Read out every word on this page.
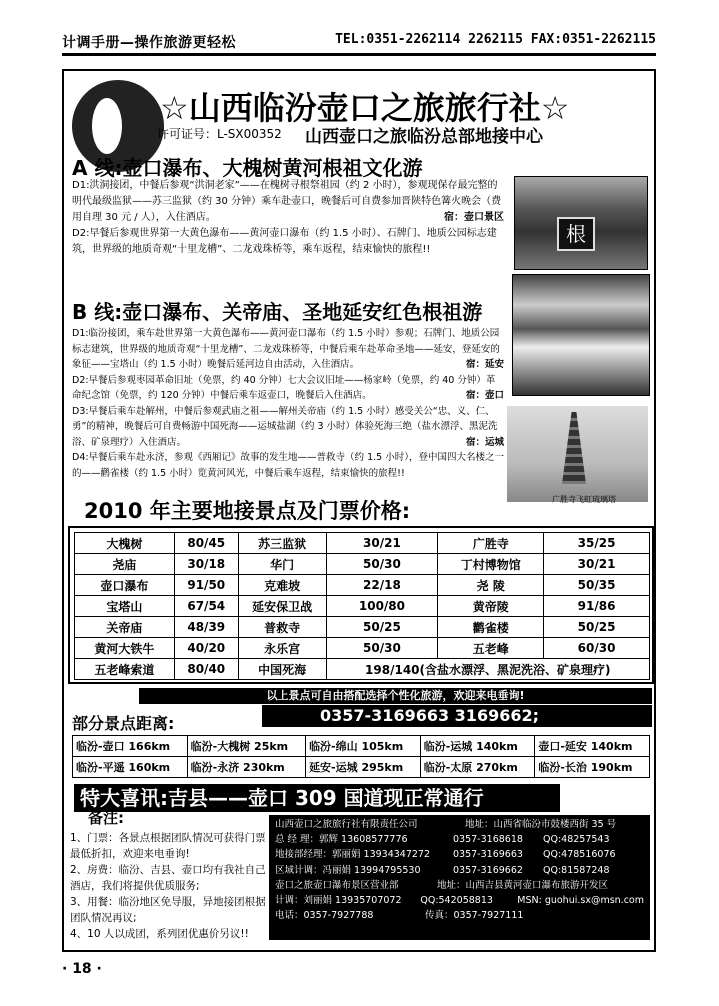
计调手册—操作旅游更轻松	TEL:0351-2262114 2262115 FAX:0351-2262115
☆山西临汾壶口之旅旅行社☆
许可证号：L-SX00352 山西壶口之旅临汾总部地接中心
A 线:壶口瀑布、大槐树黄河根祖文化游
D1:洪洞接团，中餐后参观“洪洞老家”——在槐树寻根祭祖园（约 2 小时），参观现保存最完整的明代最级监狱——苏三监狱（约 30 分钟）乘车赴壶口，晚餐后可自费参加晋陕特色篝火晚会（费用自理 30 元 / 人），入住酒店。	宿：壶口景区
D2:早餐后参观世界第一大黄色瀑布——黄河壶口瀑布（约 1.5 小时）、石牌门、地质公园标志建筑，世界级的地质奇观“十里龙槽”、二龙戏珠桥等，乘车返程，结束愉快的旅程!!
根
B 线:壶口瀑布、关帝庙、圣地延安红色根祖游
D1:临汾接团，乘车赴世界第一大黄色瀑布——黄河壶口瀑布（约 1.5 小时）参观；石牌门、地质公园标志建筑，世界级的地质奇观“十里龙槽”、二龙戏珠桥等，中餐后乘车赴革命圣地——延安，登延安的象征——宝塔山（约 1.5 小时）晚餐后延河边自由活动，入住酒店。	宿：延安
D2:早餐后参观枣园革命旧址（免票，约 40 分钟）七大会议旧址——杨家岭（免票，约 40 分钟）革命纪念馆（免票，约 120 分钟）中餐后乘车返壶口，晚餐后入住酒店。	宿：壶口
D3:早餐后乘车赴解州，中餐后参观武庙之祖——解州关帝庙（约 1.5 小时）感受关公“忠、义、仁、勇”的精神，晚餐后可自费畅游中国死海——运城盐湖（约 3 小时）体验死海三绝（盐水漂浮、黑泥洗浴、矿泉理疗）入住酒店。	宿：运城
D4:早餐后乘车赴永济，参观《西厢记》故事的发生地——普救寺（约 1.5 小时），登中国四大名楼之一的——鹳雀楼（约 1.5 小时）览黄河风光，中餐后乘车返程，结束愉快的旅程!!
广胜寺飞虹琉璃塔
2010 年主要地接景点及门票价格:
大槐树	80/45	苏三监狱	30/21	广胜寺	35/25
尧庙	30/18	华门	50/30	丁村博物馆	30/21
壶口瀑布	91/50	克难坡	22/18	尧 陵	50/35
宝塔山	67/54	延安保卫战	100/80	黄帝陵	91/86
关帝庙	48/39	普救寺	50/25	鹳雀楼	50/25
黄河大铁牛	40/20	永乐宫	50/30	五老峰	60/30
五老峰索道	80/40	中国死海	198/140(含盐水漂浮、黑泥洗浴、矿泉理疗)		
以上景点可自由搭配选择个性化旅游，欢迎来电垂询!
0357-3169663 3169662;
部分景点距离:
临汾-壶口 166km	临汾-大槐树 25km	临汾-绵山 105km	临汾-运城 140km	壶口-延安 140km
临汾-平遥 160km	临汾-永济 230km	延安-运城 295km	临汾-太原 270km	临汾-长治 190km
特大喜讯:吉县——壶口 309 国道现正常通行
备注:
1、门票：各景点根据团队情况可获得门票最低折扣，欢迎来电垂询!
2、房费：临汾、吉县、壶口均有我社自己酒店，我们将提供优质服务;
3、用餐：临汾地区免导服，异地接团根据团队情况再议;
4、10 人以成团，系列团优惠价另议!!
山西壶口之旅旅行社有限责任公司	地址：山西省临汾市鼓楼西街 35 号
总 经 理：郭辉 13608577776	0357-3168618	QQ:48257543
地接部经理：郭丽娟 13934347272	0357-3169663	QQ:478516076
区域计调：冯丽娟 13994795530	0357-3169662	QQ:81587248
壶口之旅壶口瀑布景区营业部	地址：山西吉县黄河壶口瀑布旅游开发区
计调：刘丽娟 13935707072	QQ:542058813	MSN: guohui.sx@msn.com
电话：0357-7927788	传真：0357-7927111
· 18 ·
